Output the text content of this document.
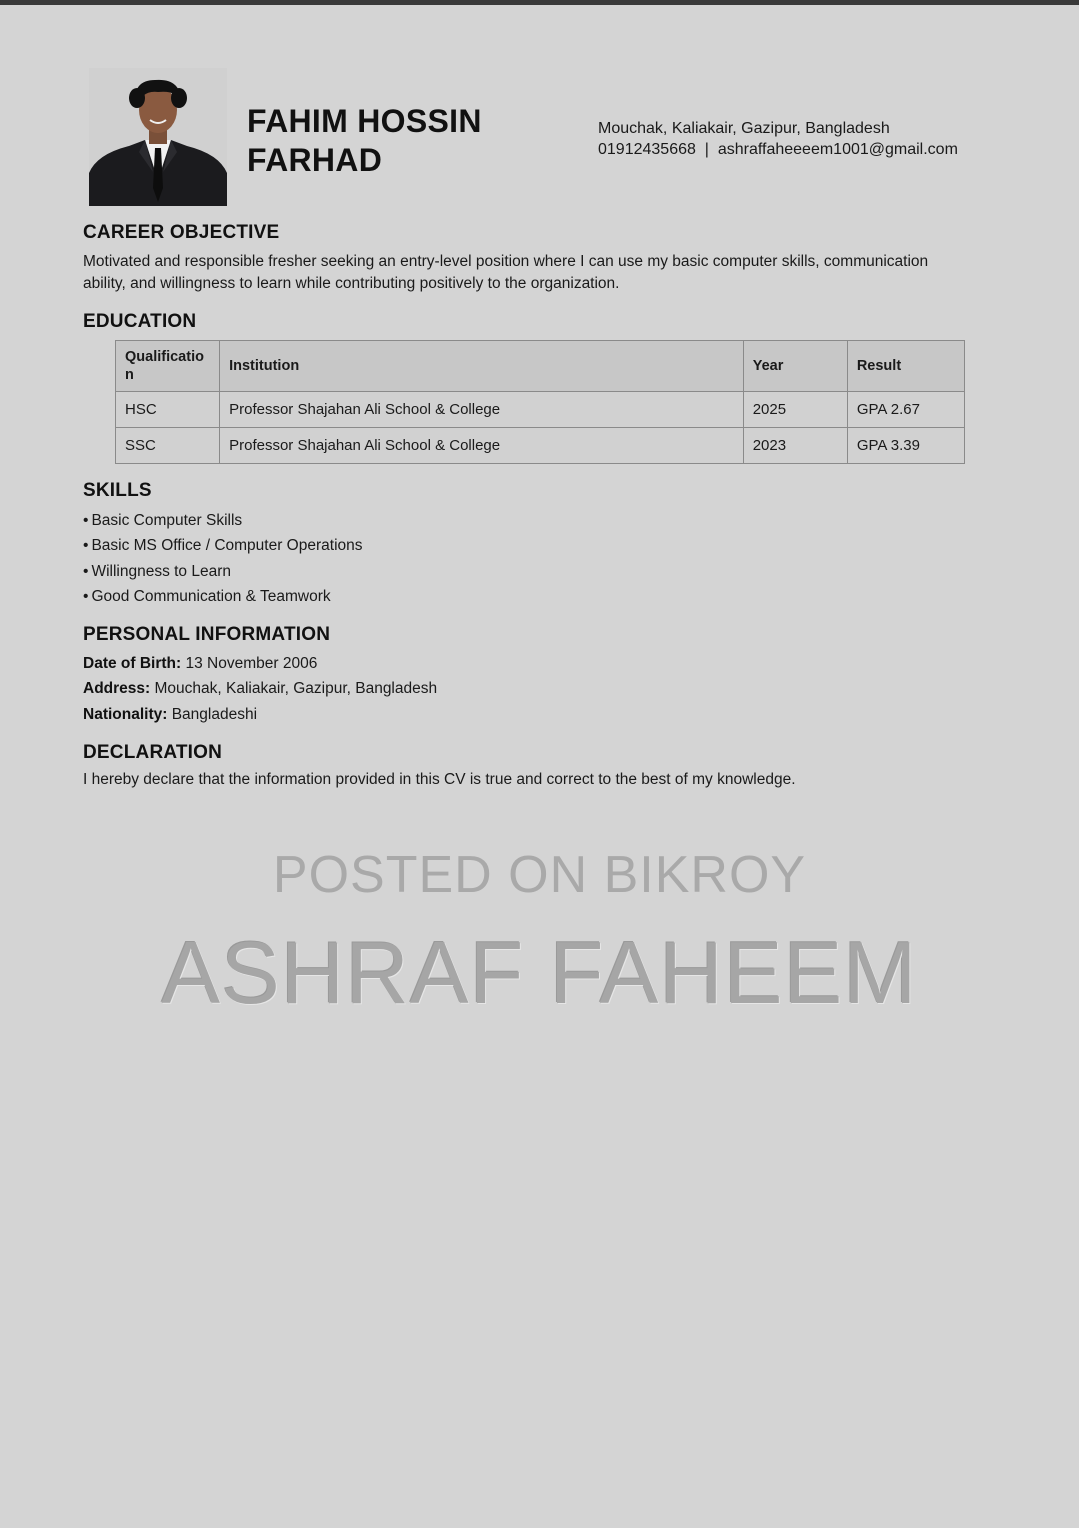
FAHIM HOSSIN
FARHAD
Mouchak, Kaliakair, Gazipur, Bangladesh
01912435668  |  ashraffaheeeem1001@gmail.com
CAREER OBJECTIVE
Motivated and responsible fresher seeking an entry-level position where I can use my basic computer skills, communication ability, and willingness to learn while contributing positively to the organization.
EDUCATION
Qualification	Institution	Year	Result
HSC	Professor Shajahan Ali School & College	2025	GPA 2.67
SSC	Professor Shajahan Ali School & College	2023	GPA 3.39
SKILLS
• Basic Computer Skills
• Basic MS Office / Computer Operations
• Willingness to Learn
• Good Communication & Teamwork
PERSONAL INFORMATION
Date of Birth: 13 November 2006
Address: Mouchak, Kaliakair, Gazipur, Bangladesh
Nationality: Bangladeshi
DECLARATION
I hereby declare that the information provided in this CV is true and correct to the best of my knowledge.
POSTED ON BIKROY
ASHRAF FAHEEM
